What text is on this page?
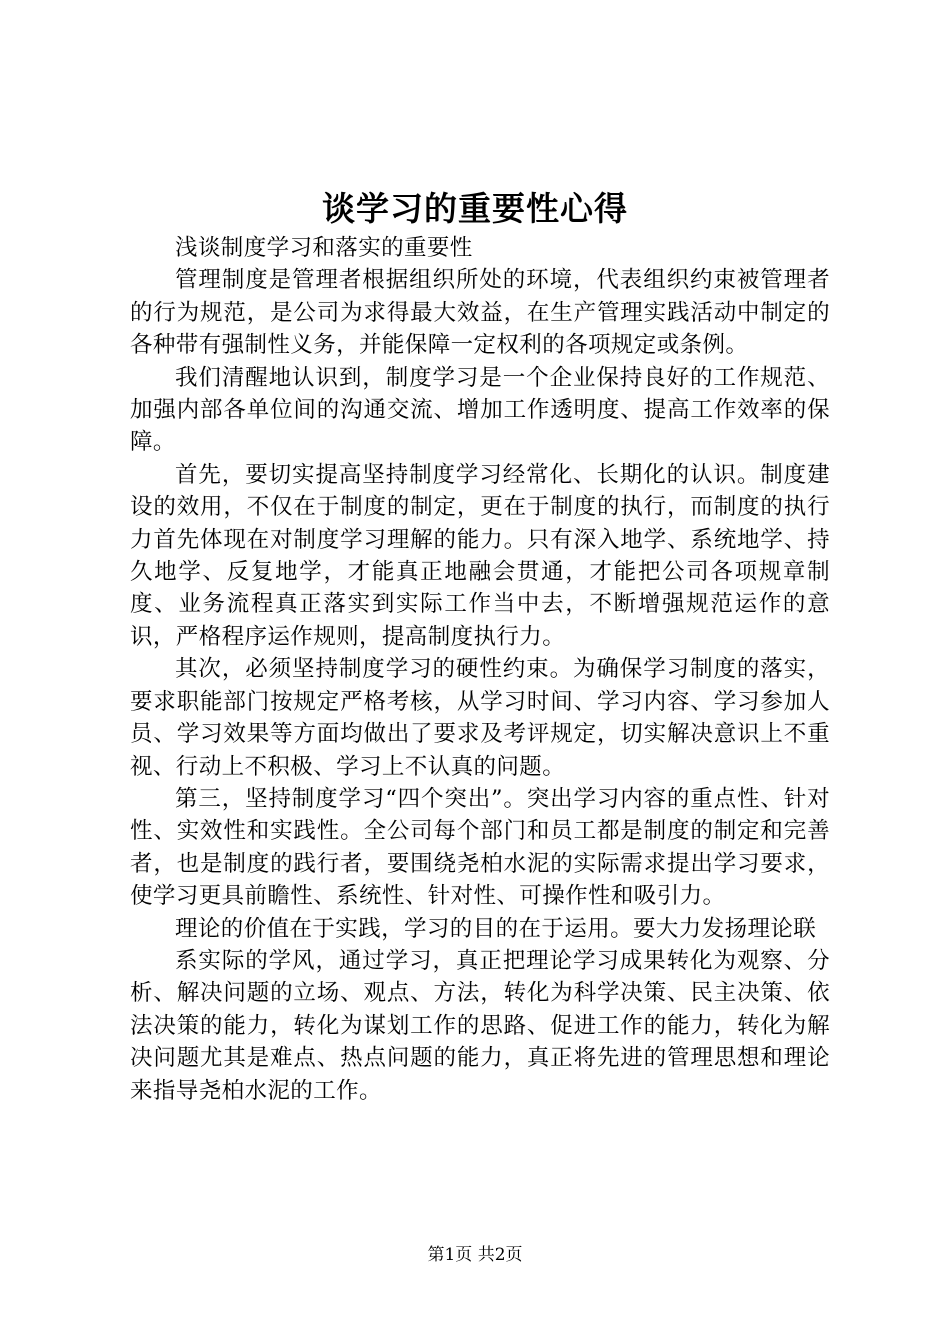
谈学习的重要性心得

浅谈制度学习和落实的重要性

管理制度是管理者根据组织所处的环境，代表组织约束被管理者的行为规范，是公司为求得最大效益，在生产管理实践活动中制定的各种带有强制性义务，并能保障一定权利的各项规定或条例。

我们清醒地认识到，制度学习是一个企业保持良好的工作规范、加强内部各单位间的沟通交流、增加工作透明度、提高工作效率的保障。

首先，要切实提高坚持制度学习经常化、长期化的认识。制度建设的效用，不仅在于制度的制定，更在于制度的执行，而制度的执行力首先体现在对制度学习理解的能力。只有深入地学、系统地学、持久地学、反复地学，才能真正地融会贯通，才能把公司各项规章制度、业务流程真正落实到实际工作当中去，不断增强规范运作的意识，严格程序运作规则，提高制度执行力。

其次，必须坚持制度学习的硬性约束。为确保学习制度的落实，要求职能部门按规定严格考核，从学习时间、学习内容、学习参加人员、学习效果等方面均做出了要求及考评规定，切实解决意识上不重视、行动上不积极、学习上不认真的问题。

第三，坚持制度学习“四个突出”。突出学习内容的重点性、针对性、实效性和实践性。全公司每个部门和员工都是制度的制定和完善者，也是制度的践行者，要围绕尧柏水泥的实际需求提出学习要求，使学习更具前瞻性、系统性、针对性、可操作性和吸引力。

理论的价值在于实践，学习的目的在于运用。要大力发扬理论联

系实际的学风，通过学习，真正把理论学习成果转化为观察、分析、解决问题的立场、观点、方法，转化为科学决策、民主决策、依法决策的能力，转化为谋划工作的思路、促进工作的能力，转化为解决问题尤其是难点、热点问题的能力，真正将先进的管理思想和理论来指导尧柏水泥的工作。

第1页 共2页
